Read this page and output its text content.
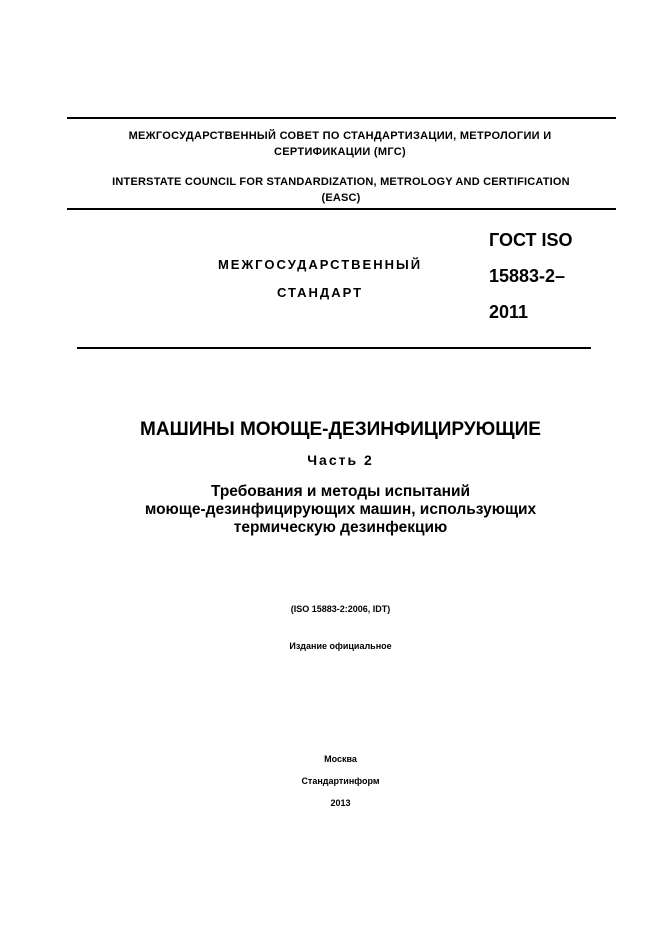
МЕЖГОСУДАРСТВЕННЫЙ СОВЕТ ПО СТАНДАРТИЗАЦИИ, МЕТРОЛОГИИ И
СЕРТИФИКАЦИИ (МГС)
INTERSTATE COUNCIL FOR STANDARDIZATION, METROLOGY AND CERTIFICATION
(EASC)
МЕЖГОСУДАРСТВЕННЫЙ
СТАНДАРТ
ГОСТ ISO
15883-2–
2011
МАШИНЫ МОЮЩЕ-ДЕЗИНФИЦИРУЮЩИЕ
Часть 2
Требования и методы испытаний
моюще-дезинфицирующих машин, использующих
термическую дезинфекцию
(ISO 15883-2:2006, IDT)
Издание официальное
Москва
Стандартинформ
2013
